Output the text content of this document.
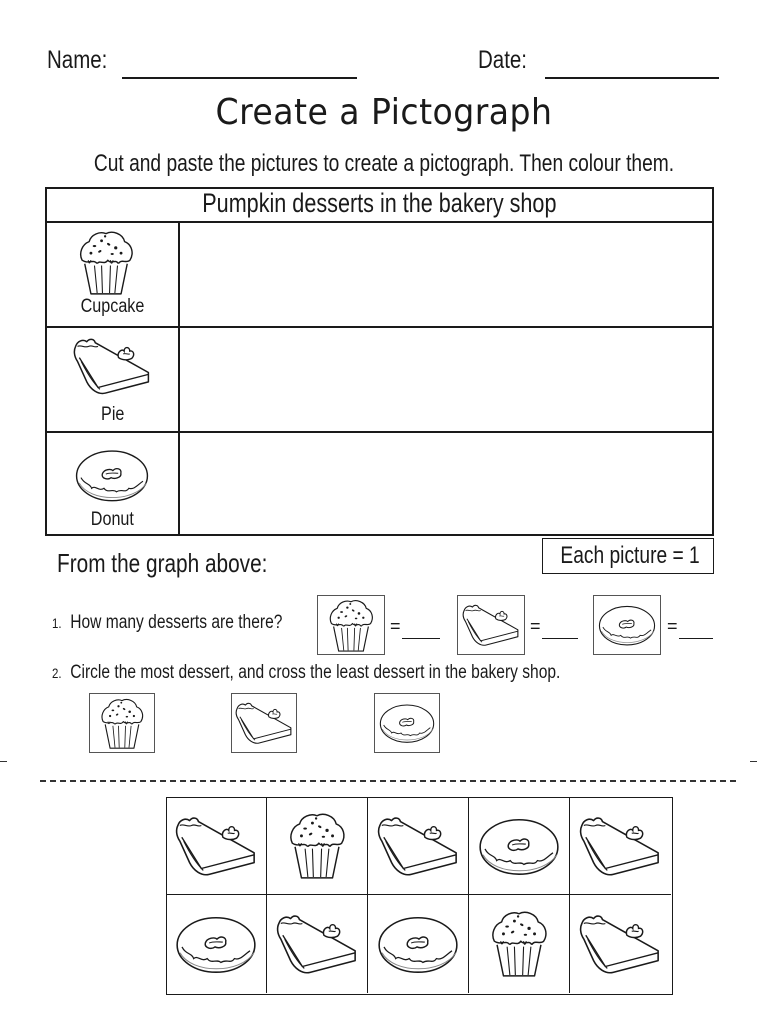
Name:	Date:
Create a Pictograph
Cut and paste the pictures to create a pictograph. Then colour them.
Pumpkin desserts in the bakery shop
Cupcake
Pie
Donut
From the graph above:	Each picture = 1
1. How many desserts are there?	=	=	=
2. Circle the most dessert, and cross the least dessert in the bakery shop.
